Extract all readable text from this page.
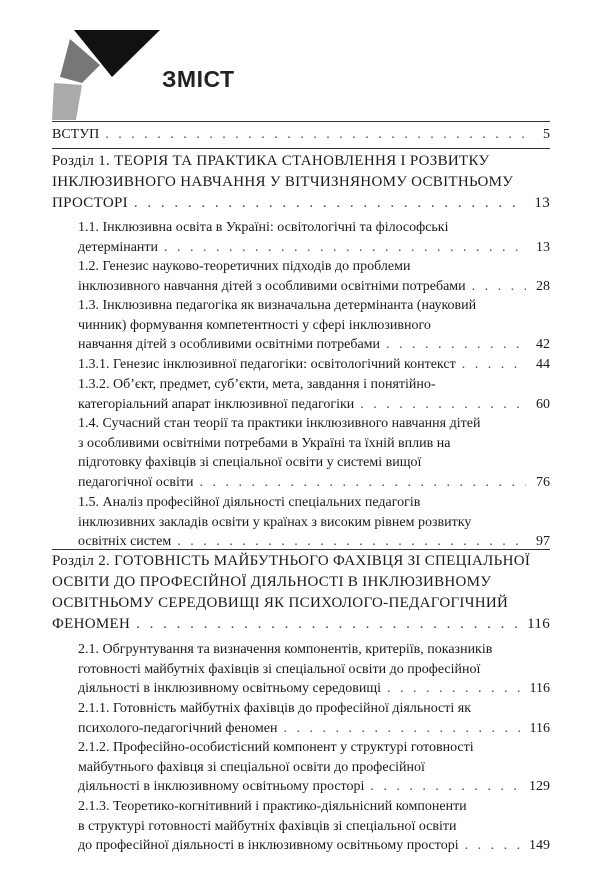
ЗМІСТ
ВСТУП . . .	5
Розділ 1. ТЕОРІЯ ТА ПРАКТИКА СТАНОВЛЕННЯ І РОЗВИТКУ
ІНКЛЮЗИВНОГО НАВЧАННЯ У ВІТЧИЗНЯНОМУ ОСВІТНЬОМУ
ПРОСТОРІ . . .	13
1.1. Інклюзивна освіта в Україні: освітологічні та філософські
детермінанти . . .	13
1.2. Генезис науково-теоретичних підходів до проблеми
інклюзивного навчання дітей з особливими освітніми потребами . . .	28
1.3. Інклюзивна педагогіка як визначальна детермінанта (науковий
чинник) формування компетентності у сфері інклюзивного
навчання дітей з особливими освітніми потребами . . .	42
1.3.1. Генезис інклюзивної педагогіки: освітологічний контекст . . .	44
1.3.2. Об’єкт, предмет, суб’єкти, мета, завдання і понятійно-
категоріальний апарат інклюзивної педагогіки . . .	60
1.4. Сучасний стан теорії та практики інклюзивного навчання дітей
з особливими освітніми потребами в Україні та їхній вплив на
підготовку фахівців зі спеціальної освіти у системі вищої
педагогічної освіти . . .	76
1.5. Аналіз професійної діяльності спеціальних педагогів
інклюзивних закладів освіти у країнах з високим рівнем розвитку
освітніх систем . . .	97
Розділ 2. ГОТОВНІСТЬ МАЙБУТНЬОГО ФАХІВЦЯ ЗІ СПЕЦІАЛЬНОЇ
ОСВІТИ ДО ПРОФЕСІЙНОЇ ДІЯЛЬНОСТІ В ІНКЛЮЗИВНОМУ
ОСВІТНЬОМУ СЕРЕДОВИЩІ ЯК ПСИХОЛОГО-ПЕДАГОГІЧНИЙ
ФЕНОМЕН . . .	116
2.1. Обгрунтування та визначення компонентів, критеріїв, показників
готовності майбутніх фахівців зі спеціальної освіти до професійної
діяльності в інклюзивному освітньому середовищі . . .	116
2.1.1. Готовність майбутніх фахівців до професійної діяльності як
психолого-педагогічний феномен . . .	116
2.1.2. Професійно-особистісний компонент у структурі готовності
майбутнього фахівця зі спеціальної освіти до професійної
діяльності в інклюзивному освітньому просторі . . .	129
2.1.3. Теоретико-когнітивний і практико-діяльнісний компоненти
в структурі готовності майбутніх фахівців зі спеціальної освіти
до професійної діяльності в інклюзивному освітньому просторі . . .	149
